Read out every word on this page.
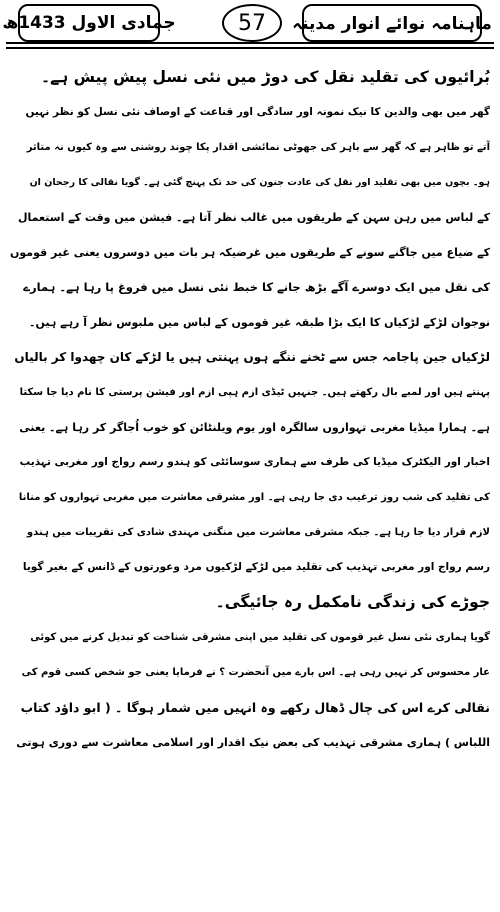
جمادی الاول 1433ھ	57	ماہنامہ نوائے انوار مدینہ
بُرائیوں کی تقلید نقل کی دوڑ میں نئی نسل پیش پیش ہے۔
گھر میں بھی والدین کا نیک نمونہ اور سادگی اور قناعت کے اوصاف نئی نسل کو نظر نہیں
آتے تو ظاہر ہے کہ گھر سے باہر کی جھوٹی نمائشی اقدار پکا چوند روشنی سے وہ کیوں نہ متاثر
ہو۔ بچوں میں بھی تقلید اور نقل کی عادت جنون کی حد تک پہنچ گئی ہے۔ گویا نقالی کا رجحان ان
کے لباس میں رہن سہن کے طریقوں میں غالب نظر آتا ہے۔ فیشن میں وقت کے استعمال
کے ضیاع میں جاگنے سونے کے طریقوں میں غرضیکہ ہر بات میں دوسروں یعنی غیر قوموں
کی نقل میں ایک دوسرے آگے بڑھ جانے کا خبط نئی نسل میں فروغ پا رہا ہے۔ ہمارے
نوجوان لڑکے لڑکیاں کا ایک بڑا طبقہ غیر قوموں کے لباس میں ملبوس نظر آ رہے ہیں۔
لڑکیاں جین پاجامہ جس سے ٹخنے ننگے ہوں پہنتی ہیں یا لڑکے کان چھدوا کر بالیاں
پہنتے ہیں اور لمبے بال رکھتے ہیں۔ جنہیں ٹیڈی ازم ہپی ازم اور فیشن پرستی کا نام دیا جا سکتا
ہے۔ ہمارا میڈیا مغربی تہواروں سالگرہ اور یوم ویلنٹائن کو خوب اُجاگر کر رہا ہے۔ یعنی
اخبار اور الیکٹرک میڈیا کی طرف سے ہماری سوسائٹی کو ہندو رسم رواج اور مغربی تہذیب
کی تقلید کی شب روز ترغیب دی جا رہی ہے۔ اور مشرقی معاشرت میں مغربی تہواروں کو منانا
لازم قرار دیا جا رہا ہے۔ جبکہ مشرقی معاشرت میں منگنی مہندی شادی کی تقریبات میں ہندو
رسم رواج اور مغربی تہذیب کی تقلید میں لڑکے لڑکیوں مرد وعورتوں کے ڈانس کے بغیر گویا
جوڑے کی زندگی نامکمل رہ جائیگی۔
گویا ہماری نئی نسل غیر قوموں کی تقلید میں اپنی مشرقی شناخت کو تبدیل کرنے میں کوئی
عار محسوس کر نہیں رہی ہے۔ اس بارے میں آنحضرت ؟ نے فرمایا یعنی جو شخص کسی قوم کی
نقالی کرے اس کی چال ڈھال رکھے وہ انہیں میں شمار ہوگا ۔ ( ابو داؤد کتاب
اللباس ) ہماری مشرقی تہذیب کی بعض نیک اقدار اور اسلامی معاشرت سے دوری ہوتی
